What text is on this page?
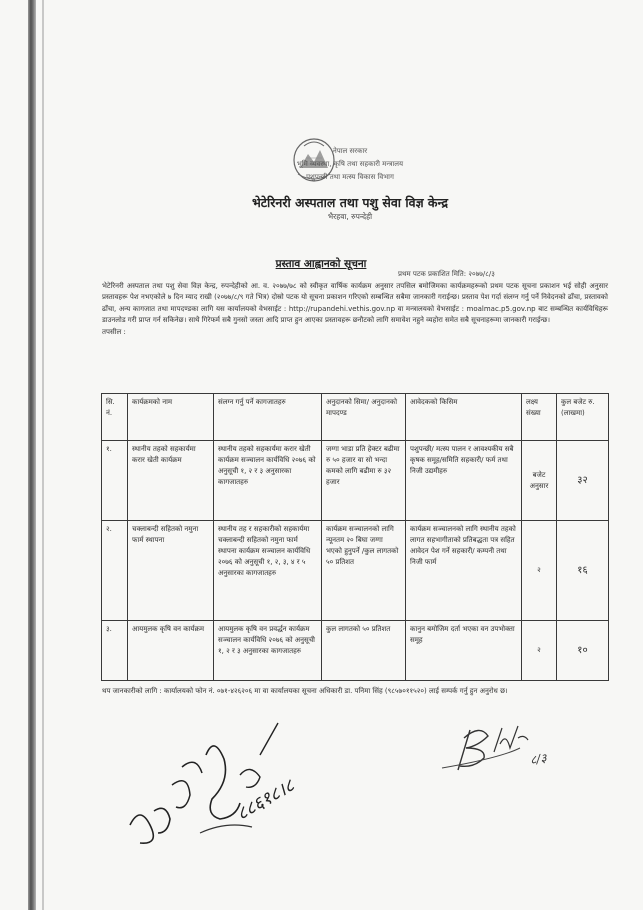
नेपाल सरकार
भूमि व्यवस्था, कृषि तथा सहकारी मन्त्रालय
पशुपन्छी तथा मत्स्य विकास विभाग
भेटेरिनरी अस्पताल तथा पशु सेवा विज्ञ केन्द्र
भैरहवा, रुपन्देही
प्रस्ताव आह्वानको सूचना
प्रथम पटक प्रकाशित मिति: २०७७/८/३

भेटेरिनरी अस्पताल तथा पशु सेवा विज्ञ केन्द्र, रुपन्देहीको आ. व. २०७७/७८ को स्वीकृत वार्षिक कार्यक्रम अनुसार तपसिल बमोजिमका कार्यक्रमहरूको प्रथम पटक सूचना प्रकाशन भई सोही अनुसार प्रस्तावहरू पेश नभएकोले ७ दिन म्याद राखी (२०७७/८/९ गते भित्र) दोस्रो पटक यो सूचना प्रकाशन गरिएको सम्बन्धित सबैमा जानकारी गराईन्छ। प्रस्ताव पेश गर्दा संलग्न गर्नु पर्ने निवेदनको ढाँचा, प्रस्तावको ढाँचा, अन्य कागजात तथा मापदण्डका लागि यस कार्यालयको वेभसाईट : http://rupandehi.vethis.gov.np वा मन्त्रालयको वेभसाईट : moalmac.p5.gov.np बाट सम्बन्धित कार्यविधिहरू डाउनलोड गरी प्राप्त गर्न सकिनेछ। साथै गिरेफर्म सबै गुनसो जस्ता आदि प्राप्त हुन आएका प्रस्तावहरू छनौटको लागि समावेश नहुने व्यहोरा समेत सबै सूचनाहरूमा जानकारी गराईन्छ।

तपसील :

सि. नं.	कार्यक्रमको नाम	संलग्न गर्नु पर्ने कागजातहरु	अनुदानको सिमा/ अनुदानको मापदण्ड	आवेदकको किसिम	लक्ष्य संख्या	कुल बजेट रु. (लाखमा)
१.	स्थानीय तहको सहकार्यमा करार खेती कार्यक्रम	स्थानीय तहको सहकार्यमा करार खेती कार्यक्रम सञ्चालन कार्यविधि २०७६ को अनुसूची १, २ र ३ अनुसारका कागजातहरु	जग्गा भाडा प्रति हेक्टर बढीमा रु ५० हजार वा सो भन्दा कमको लागि बढीमा रु ३२ हजार	पशुपन्छी/ मत्स्य पालन र आवश्यकीय सबै कृषक समूह/समिति सहकारी/ फर्म तथा निजी उद्यमीहरु	बजेट अनुसार	३२
२.	चक्लाबन्दी सहितको नमुना फार्म स्थापना	स्थानीय तह र सहकारीको सहकार्यमा चक्लाबन्दी सहितको नमुना फार्म स्थापना कार्यक्रम सञ्चालन कार्यविधि २०७६ को अनुसूची १, २, ३, ४ र ५ अनुसारका कागजातहरु	कार्यक्रम सञ्चालनको लागि न्यूनतम २० बिघा जग्गा भएको हुनुपर्ने /कुल लागतको ५० प्रतिशत	कार्यक्रम सञ्चालनको लागि स्थानीय तहको लागत सहभागीताको प्रतिबद्धता पत्र सहित आवेदन पेश गर्ने सहकारी/ कम्पनी तथा निजी फार्म	२	१६
३.	आयमुलक कृषि वन कार्यक्रम	आयमुलक कृषि वन प्रवर्द्धन कार्यक्रम सञ्चालन कार्यविधि २०७६ को अनुसूची १, २ र ३ अनुसारका कागजातहरु	कुल लागतको ५० प्रतिशत	कानुन बमोजिम दर्ता भएका वन उपभोक्ता समूह	२	१०
थप जानकारीको लागि : कार्यालयको फोन नं. ०७१-४२६२०६ मा वा कार्यालयका सूचना अधिकारी डा. पनिमा सिंह (९८५७०११५२०) लाई सम्पर्क गर्नु हुन अनुरोध छ।
८/३
८८६१८।८
